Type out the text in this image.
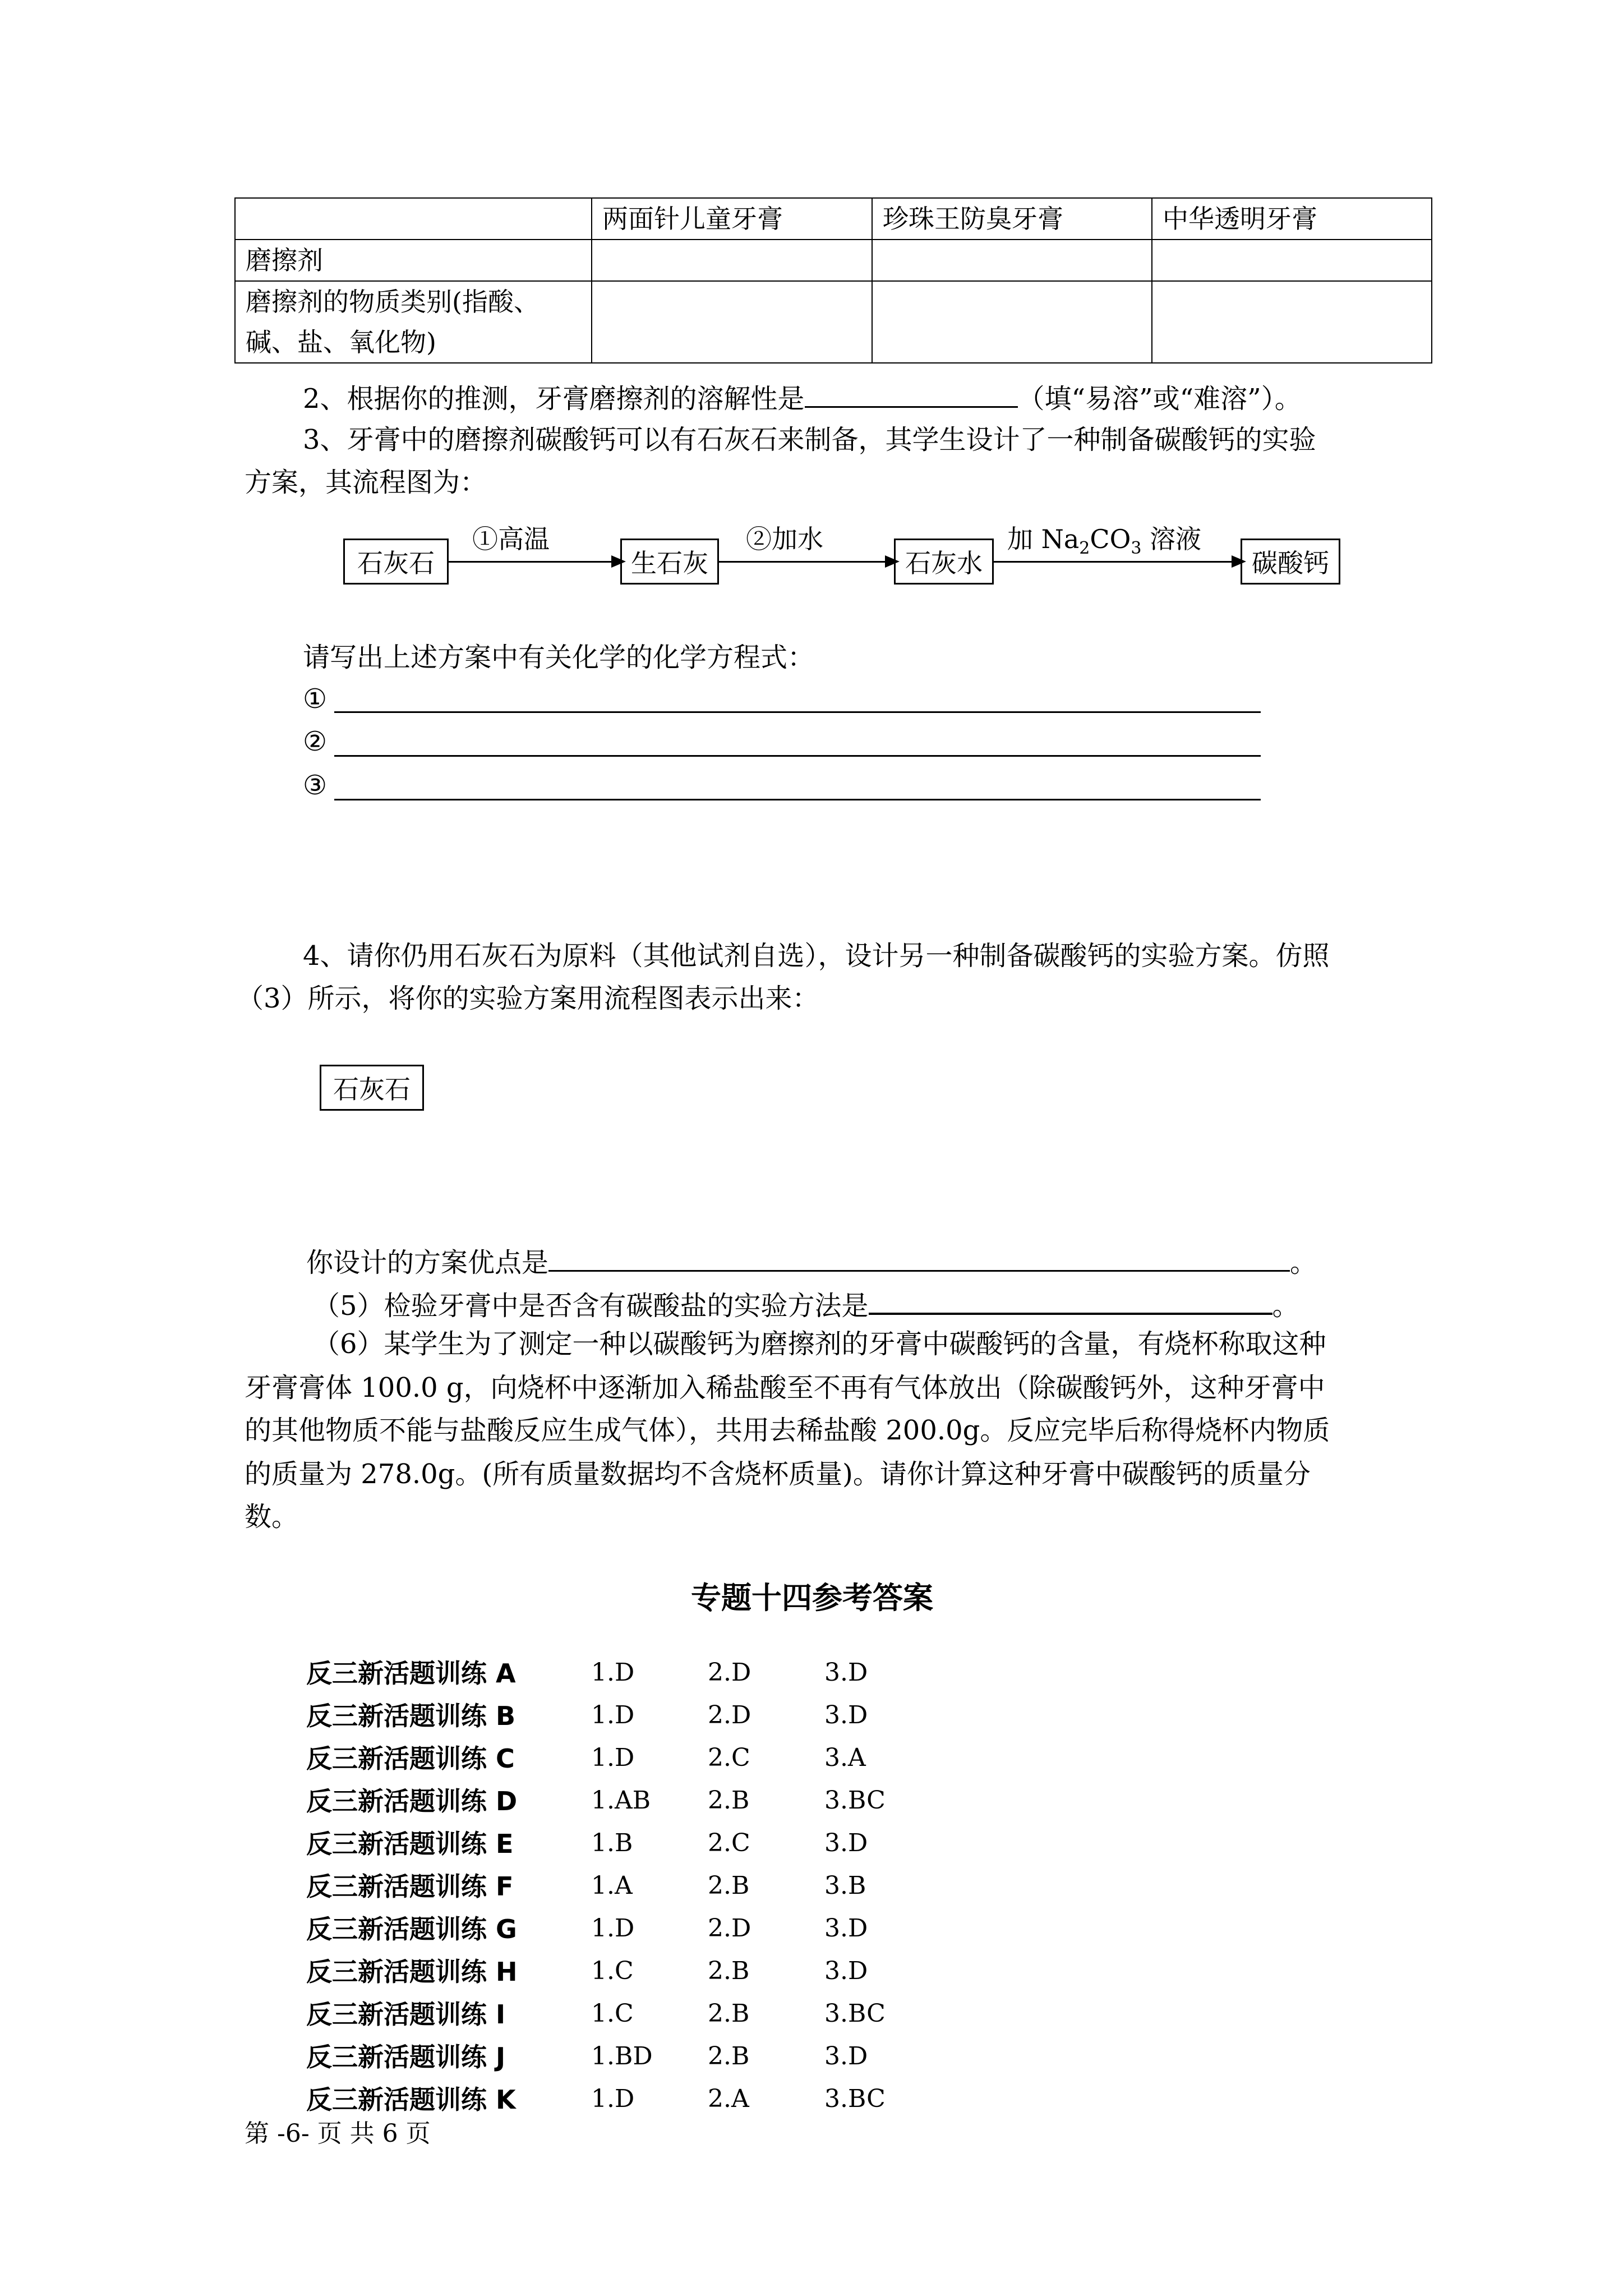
	两面针儿童牙膏	珍珠王防臭牙膏	中华透明牙膏
磨擦剂			

磨擦剂的物质类别(指酸、
碱、盐、氧化物)			

2、根据你的推测，牙膏磨擦剂的溶解性是	（填“易溶”或“难溶”）。
3、牙膏中的磨擦剂碳酸钙可以有石灰石来制备，其学生设计了一种制备碳酸钙的实验
方案，其流程图为：
石灰石
①高温
生石灰
②加水
石灰水
加 $Na_2CO_3$ 溶液
碳酸钙
请写出上述方案中有关化学的化学方程式：
①
②
③
4、请你仍用石灰石为原料（其他试剂自选），设计另一种制备碳酸钙的实验方案。仿照
（3）所示，将你的实验方案用流程图表示出来：
石灰石
你设计的方案优点是	。
（5）检验牙膏中是否含有碳酸盐的实验方法是	。
（6）某学生为了测定一种以碳酸钙为磨擦剂的牙膏中碳酸钙的含量，有烧杯称取这种
牙膏膏体 100.0 g，向烧杯中逐渐加入稀盐酸至不再有气体放出（除碳酸钙外，这种牙膏中
的其他物质不能与盐酸反应生成气体），共用去稀盐酸 200.0g。反应完毕后称得烧杯内物质
的质量为 278.0g。(所有质量数据均不含烧杯质量)。请你计算这种牙膏中碳酸钙的质量分
数。
专题十四参考答案
反三新活题训练 A	1.D	2.D	3.D
反三新活题训练 B	1.D	2.D	3.D
反三新活题训练 C	1.D	2.C	3.A
反三新活题训练 D	1.AB 2.B	3.BC
反三新活题训练 E	1.B	2.C	3.D
反三新活题训练 F	1.A	2.B	3.B
反三新活题训练 G	1.D	2.D	3.D
反三新活题训练 H	1.C	2.B	3.D
反三新活题训练 I	1.C	2.B	3.BC
反三新活题训练 J	1.BD 2.B	3.D
反三新活题训练 K	1.D	2.A	3.BC
第 -6- 页 共 6 页
